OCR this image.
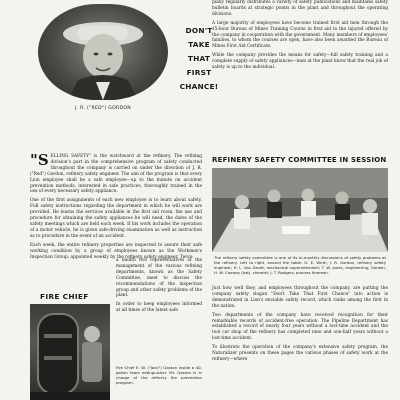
DON'T
TAKE
THAT
FIRST
CHANCE!
J. R. ("RED") GORDON

"SELLING SAFETY" is the watchword at the refinery. The refining division's part in the comprehensive program of safety conducted throughout the company is carried on under the direction of J. R. ("Red") Gordon, refinery safety engineer. The aim of the program is that every Lion employee shall be a safe employee—up to the minute on accident prevention methods, interested in safe practices, thoroughly trained in the use of every necessary safety appliance.

One of the first assignments of each new employee is to learn about safety. Full safety instructions regarding the department in which he will work are provided. He learns the services available in the first aid room, the use and procedure for obtaining the safety appliances he will need, the dates of the safety meetings which are held each week. If his work includes the operation of a motor vehicle, he is given safe-driving examination as well as instruction as to procedure in the event of an accident.

Each week, the entire refinery properties are inspected to assure their safe working condition by a group of employees known as the Workmen's Inspection Group, appointed weekly by the refinery safety engineer. Twice

FIRE CHIEF

a month five representatives of the management of the various refining departments, known as the Safety Committee, meet to discuss the recommendations of the inspection group and other safety problems of the plant.

In order to keep employees informed at all times of the latest safe

Fire Chief E. W. ("Jack") Gaston inside a 40-gallon foam extinguisher. Mr. Gaston is in charge of the refinery fire prevention program.

piany regularly distributes a variety of safety publications and maintains safety bulletin boards at strategic points in the plant and throughout the operating divisions.

A large majority of employees have become trained first aid men through the 15-hour Bureau of Mines Training Course in first aid to the injured offered by the company in cooperation with the government. Many members of employees' families, to whom the courses are open, have also been awarded the Bureau of Mines First Aid Certificate.

While the company provides the means for safety—full safety training and a complete supply of safety appliances—men at the plant know that the real job of safety is up to the individual.

REFINERY SAFETY COMMITTEE IN SESSION
The refinery safety committee is one of its bi-monthly discussions of safety problems at the refinery. Left to right, around the table: G. E. Wirth, J. R. Gordon, refinery safety engineer; H. L. Van Zandt, mechanical superintendent; T. W. Jones, engineering; Gordon, H. W. Conway (hat), chemist; J. T. Rodgers, process foreman.

Just how well they, and employees throughout the company, are putting the company safety slogan "Don't Take That First Chance" into action is demonstrated in Lion's enviable safety record, which ranks among the first in the nation.

Two departments of the company have received recognition for their remarkable records of accident-free operation. The Pipeline Department has established a record of nearly four years without a lost-time accident and the tool car shop of the refinery has completed nine and one-half years without a lost-time accident.

To illustrate the operation of the company's extensive safety program, the Naturalizer presents on these pages the various phases of safety work at the refinery—where
